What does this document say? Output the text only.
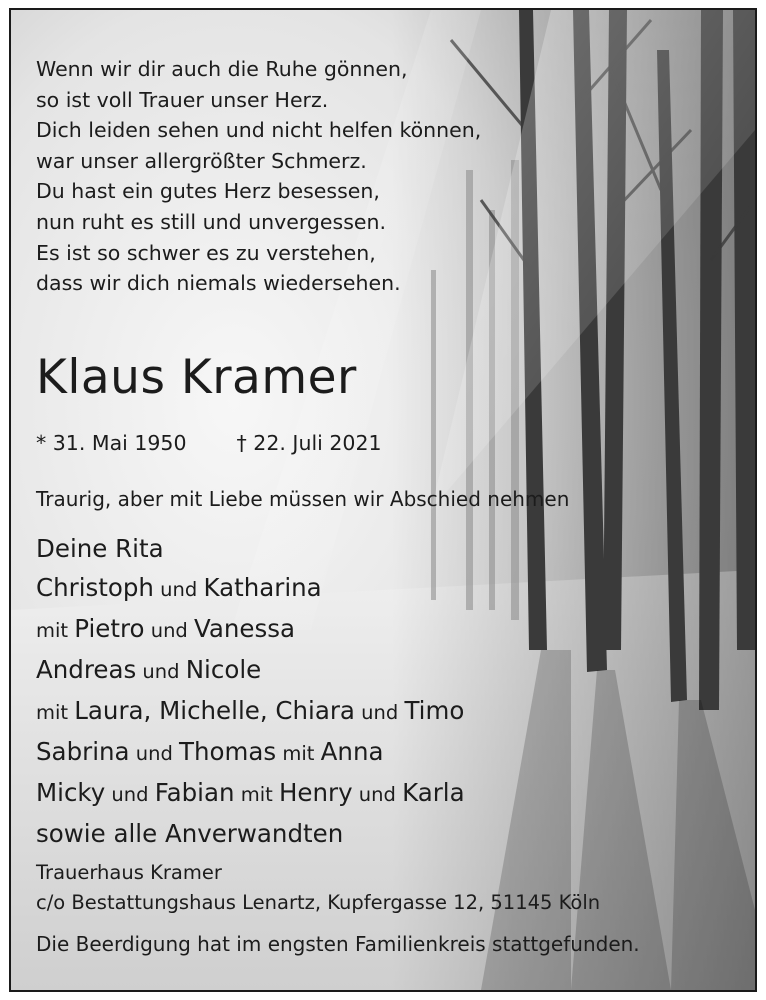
Wenn wir dir auch die Ruhe gönnen,
so ist voll Trauer unser Herz.
Dich leiden sehen und nicht helfen können,
war unser allergrößter Schmerz.
Du hast ein gutes Herz besessen,
nun ruht es still und unvergessen.
Es ist so schwer es zu verstehen,
dass wir dich niemals wiedersehen.
Klaus Kramer
* 31. Mai 1950 † 22. Juli 2021
Traurig, aber mit Liebe müssen wir Abschied nehmen
Deine Rita
Christoph und Katharina
mit Pietro und Vanessa
Andreas und Nicole
mit Laura, Michelle, Chiara und Timo
Sabrina und Thomas mit Anna
Micky und Fabian mit Henry und Karla
sowie alle Anverwandten
Trauerhaus Kramer
c/o Bestattungshaus Lenartz, Kupfergasse 12, 51145 Köln
Die Beerdigung hat im engsten Familienkreis stattgefunden.
